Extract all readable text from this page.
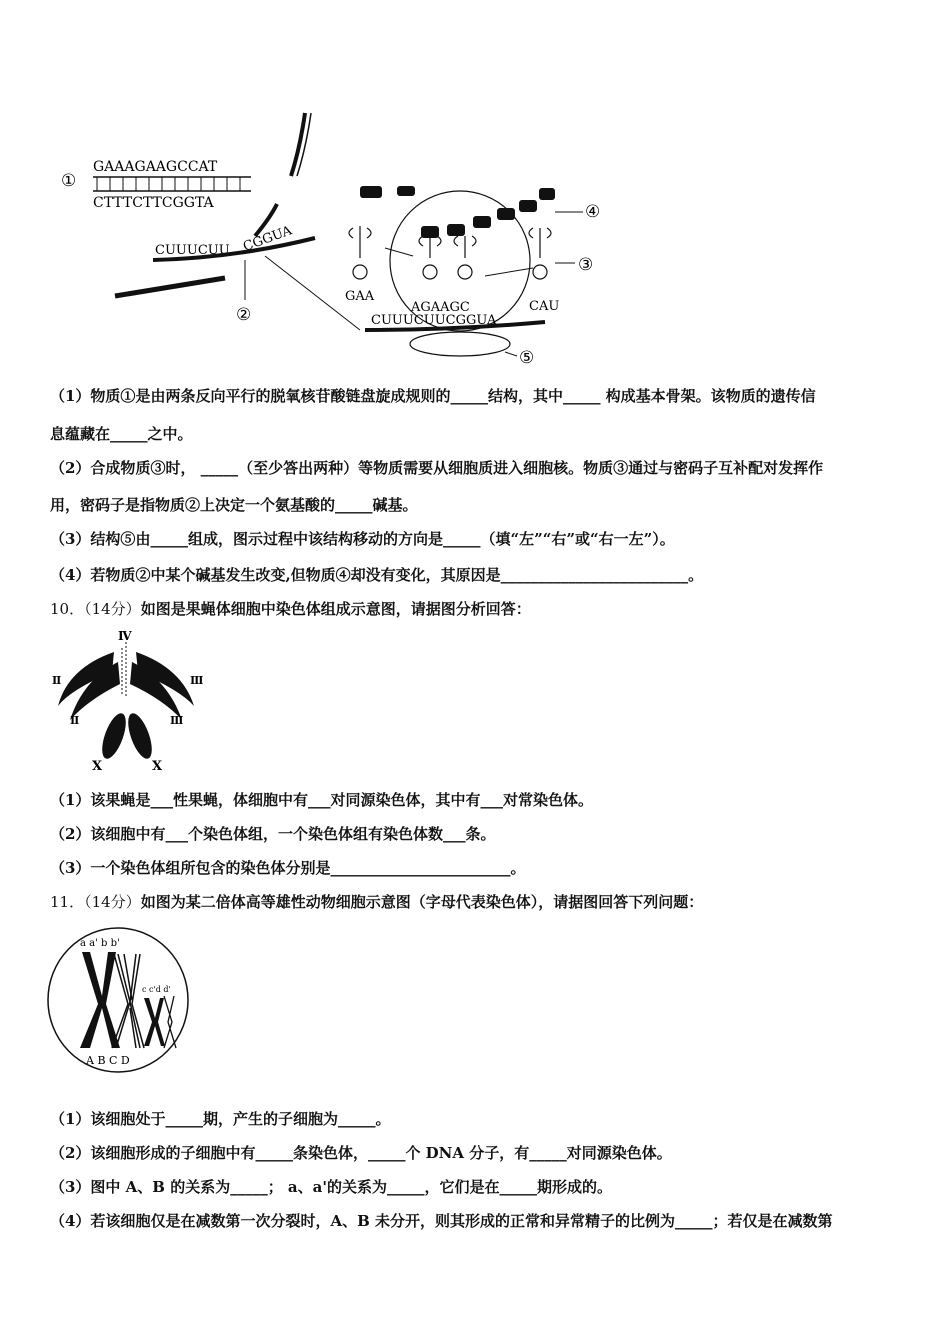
①
GAAAGAAGCCAT
CTTTCTTCGGTA
CUUUCUU CGGUA
②
④
③
GAA
AGAAGC	CAU
CUUUCUUCGGUA
⑤
（1）物质①是由两条反向平行的脱氧核苷酸链盘旋成规则的_____结构，其中_____ 构成基本骨架。该物质的遗传信
息蕴藏在_____之中。
（2）合成物质③时， _____（至少答出两种）等物质需要从细胞质进入细胞核。物质③通过与密码子互补配对发挥作
用，密码子是指物质②上决定一个氨基酸的_____碱基。
（3）结构⑤由_____组成，图示过程中该结构移动的方向是_____（填“左”“右”或“右一左”）。
（4）若物质②中某个碱基发生改变,但物质④却没有变化，其原因是_________________________。
10．（14分）如图是果蝇体细胞中染色体组成示意图，请据图分析回答：
Ⅳ
Ⅱ
Ⅱ
Ⅲ
Ⅲ
X	X
（1）该果蝇是___性果蝇，体细胞中有___对同源染色体，其中有___对常染色体。
（2）该细胞中有___个染色体组，一个染色体组有染色体数___条。
（3）一个染色体组所包含的染色体分别是________________________。
11．（14分）如图为某二倍体高等雄性动物细胞示意图（字母代表染色体），请据图回答下列问题：
a a' b b'
c c'd d'
A B C D
（1）该细胞处于_____期，产生的子细胞为_____。
（2）该细胞形成的子细胞中有_____条染色体，_____个 DNA 分子，有_____对同源染色体。
（3）图中 A、B 的关系为_____； a、a'的关系为_____，它们是在_____期形成的。
（4）若该细胞仅是在减数第一次分裂时，A、B 未分开，则其形成的正常和异常精子的比例为_____；若仅是在减数第
